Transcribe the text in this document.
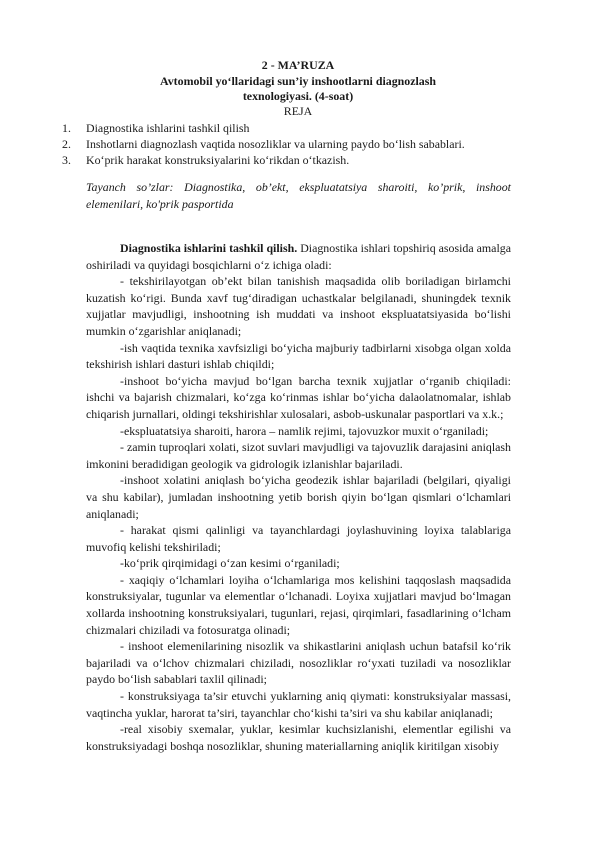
2 - MA’RUZA
Avtomobil yo‘llaridagi sun’iy inshootlarni diagnozlash
texnologiyasi. (4-soat)
REJA
1. Diagnostika ishlarini tashkil qilish
2. Inshotlarni diagnozlash vaqtida nosozliklar va ularning paydo bo‘lish sabablari.
3. Ko‘prik harakat konstruksiyalarini ko‘rikdan o‘tkazish.
Tayanch so’zlar: Diagnostika, ob’ekt, ekspluatatsiya sharoiti, ko’prik, inshoot elemenilari, ko'prik pasportida

Diagnostika ishlarini tashkil qilish. Diagnostika ishlari topshiriq asosida amalga oshiriladi va quyidagi bosqichlarni o‘z ichiga oladi:

- tekshirilayotgan ob’ekt bilan tanishish maqsadida olib boriladigan birlamchi kuzatish ko‘rigi. Bunda xavf tug‘diradigan uchastkalar belgilanadi, shuningdek texnik xujjatlar mavjudligi, inshootning ish muddati va inshoot ekspluatatsiyasida bo‘lishi mumkin o‘zgarishlar aniqlanadi;

-ish vaqtida texnika xavfsizligi bo‘yicha majburiy tadbirlarni xisobga olgan xolda tekshirish ishlari dasturi ishlab chiqildi;

-inshoot bo‘yicha mavjud bo‘lgan barcha texnik xujjatlar o‘rganib chiqiladi: ishchi va bajarish chizmalari, ko‘zga ko‘rinmas ishlar bo‘yicha dalaolatnomalar, ishlab chiqarish jurnallari, oldingi tekshirishlar xulosalari, asbob-uskunalar pasportlari va x.k.;

-ekspluatatsiya sharoiti, harora – namlik rejimi, tajovuzkor muxit o‘rganiladi;

- zamin tuproqlari xolati, sizot suvlari mavjudligi va tajovuzlik darajasini aniqlash imkonini beradidigan geologik va gidrologik izlanishlar bajariladi.

-inshoot xolatini aniqlash bo‘yicha geodezik ishlar bajariladi (belgilari, qiyaligi va shu kabilar), jumladan inshootning yetib borish qiyin bo‘lgan qismlari o‘lchamlari aniqlanadi;

- harakat qismi qalinligi va tayanchlardagi joylashuvining loyixa talablariga muvofiq kelishi tekshiriladi;

-ko‘prik qirqimidagi o‘zan kesimi o‘rganiladi;

- xaqiqiy o‘lchamlari loyiha o‘lchamlariga mos kelishini taqqoslash maqsadida konstruksiyalar, tugunlar va elementlar o‘lchanadi. Loyixa xujjatlari mavjud bo‘lmagan xollarda inshootning konstruksiyalari, tugunlari, rejasi, qirqimlari, fasadlarining o‘lcham chizmalari chiziladi va fotosuratga olinadi;

- inshoot elemenilarining nisozlik va shikastlarini aniqlash uchun batafsil ko‘rik bajariladi va o‘lchov chizmalari chiziladi, nosozliklar ro‘yxati tuziladi va nosozliklar paydo bo‘lish sabablari taxlil qilinadi;

- konstruksiyaga ta’sir etuvchi yuklarning aniq qiymati: konstruksiyalar massasi, vaqtincha yuklar, harorat ta’siri, tayanchlar cho‘kishi ta’siri va shu kabilar aniqlanadi;

-real xisobiy sxemalar, yuklar, kesimlar kuchsizlanishi, elementlar egilishi va konstruksiyadagi boshqa nosozliklar, shuning materiallarning aniqlik kiritilgan xisobiy
